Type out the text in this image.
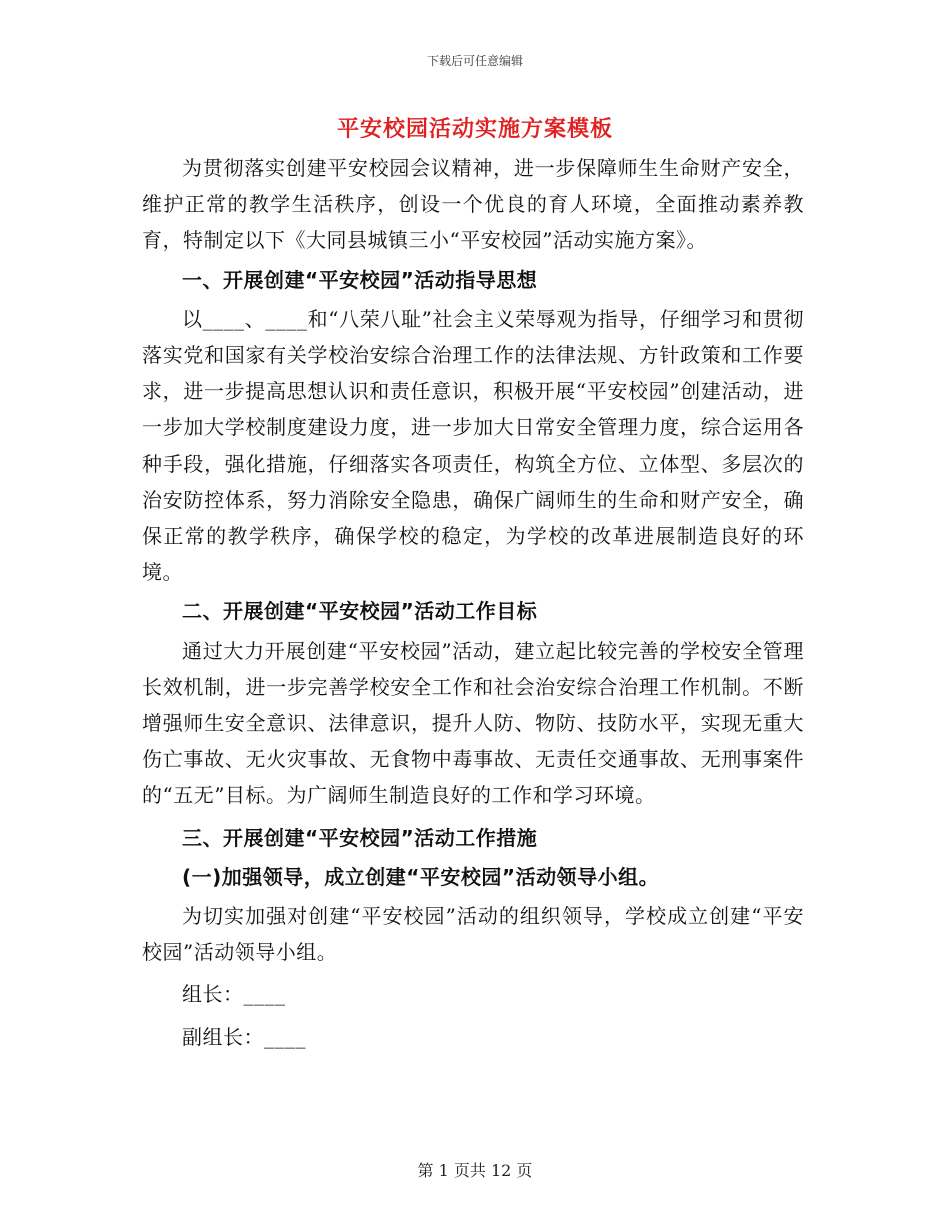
下载后可任意编辑
平安校园活动实施方案模板

为贯彻落实创建平安校园会议精神，进一步保障师生生命财产安全，维护正常的教学生活秩序，创设一个优良的育人环境，全面推动素养教育，特制定以下《大同县城镇三小“平安校园”活动实施方案》。

一、开展创建“平安校园”活动指导思想

以____、____和“八荣八耻”社会主义荣辱观为指导，仔细学习和贯彻落实党和国家有关学校治安综合治理工作的法律法规、方针政策和工作要求，进一步提高思想认识和责任意识，积极开展“平安校园”创建活动，进一步加大学校制度建设力度，进一步加大日常安全管理力度，综合运用各种手段，强化措施，仔细落实各项责任，构筑全方位、立体型、多层次的治安防控体系，努力消除安全隐患，确保广阔师生的生命和财产安全，确保正常的教学秩序，确保学校的稳定，为学校的改革进展制造良好的环境。

二、开展创建“平安校园”活动工作目标

通过大力开展创建“平安校园”活动，建立起比较完善的学校安全管理长效机制，进一步完善学校安全工作和社会治安综合治理工作机制。不断增强师生安全意识、法律意识，提升人防、物防、技防水平，实现无重大伤亡事故、无火灾事故、无食物中毒事故、无责任交通事故、无刑事案件的“五无”目标。为广阔师生制造良好的工作和学习环境。

三、开展创建“平安校园”活动工作措施

(一)加强领导，成立创建“平安校园”活动领导小组。

为切实加强对创建“平安校园”活动的组织领导，学校成立创建“平安校园”活动领导小组。

组长：____

副组长：____

第 1 页共 12 页
